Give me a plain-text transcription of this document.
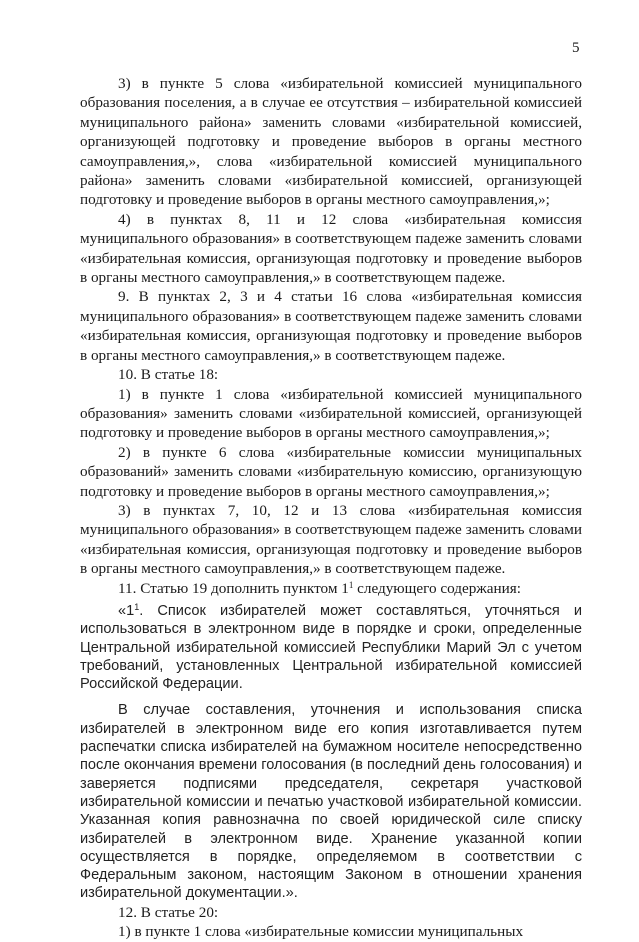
5

3) в пункте 5 слова «избирательной комиссией муниципального образования поселения, а в случае ее отсутствия – избирательной комиссией муниципального района» заменить словами «избирательной комиссией, организующей подготовку и проведение выборов в органы местного самоуправления,», слова «избирательной комиссией муниципального района» заменить словами «избирательной комиссией, организующей подготовку и проведение выборов в органы местного самоуправления,»;

4) в пунктах 8, 11 и 12 слова «избирательная комиссия муниципального образования» в соответствующем падеже заменить словами «избирательная комиссия, организующая подготовку и проведение выборов в органы местного самоуправления,» в соответствующем падеже.

9. В пунктах 2, 3 и 4 статьи 16 слова «избирательная комиссия муниципального образования» в соответствующем падеже заменить словами «избирательная комиссия, организующая подготовку и проведение выборов в органы местного самоуправления,» в соответствующем падеже.

10. В статье 18:

1) в пункте 1 слова «избирательной комиссией муниципального образования» заменить словами «избирательной комиссией, организующей подготовку и проведение выборов в органы местного самоуправления,»;

2) в пункте 6 слова «избирательные комиссии муниципальных образований» заменить словами «избирательную комиссию, организующую подготовку и проведение выборов в органы местного самоуправления,»;

3) в пунктах 7, 10, 12 и 13 слова «избирательная комиссия муниципального образования» в соответствующем падеже заменить словами «избирательная комиссия, организующая подготовку и проведение выборов в органы местного самоуправления,» в соответствующем падеже.

11. Статью 19 дополнить пунктом $1^1$ следующего содержания:

«$1^1$. Список избирателей может составляться, уточняться и использоваться в электронном виде в порядке и сроки, определенные Центральной избирательной комиссией Республики Марий Эл с учетом требований, установленных Центральной избирательной комиссией Российской Федерации.

В случае составления, уточнения и использования списка избирателей в электронном виде его копия изготавливается путем распечатки списка избирателей на бумажном носителе непосредственно после окончания времени голосования (в последний день голосования) и заверяется подписями председателя, секретаря участковой избирательной комиссии и печатью участковой избирательной комиссии. Указанная копия равнозначна по своей юридической силе списку избирателей в электронном виде. Хранение указанной копии осуществляется в порядке, определяемом в соответствии с Федеральным законом, настоящим Законом в отношении хранения избирательной документации.».

12. В статье 20:

1) в пункте 1 слова «избирательные комиссии муниципальных
